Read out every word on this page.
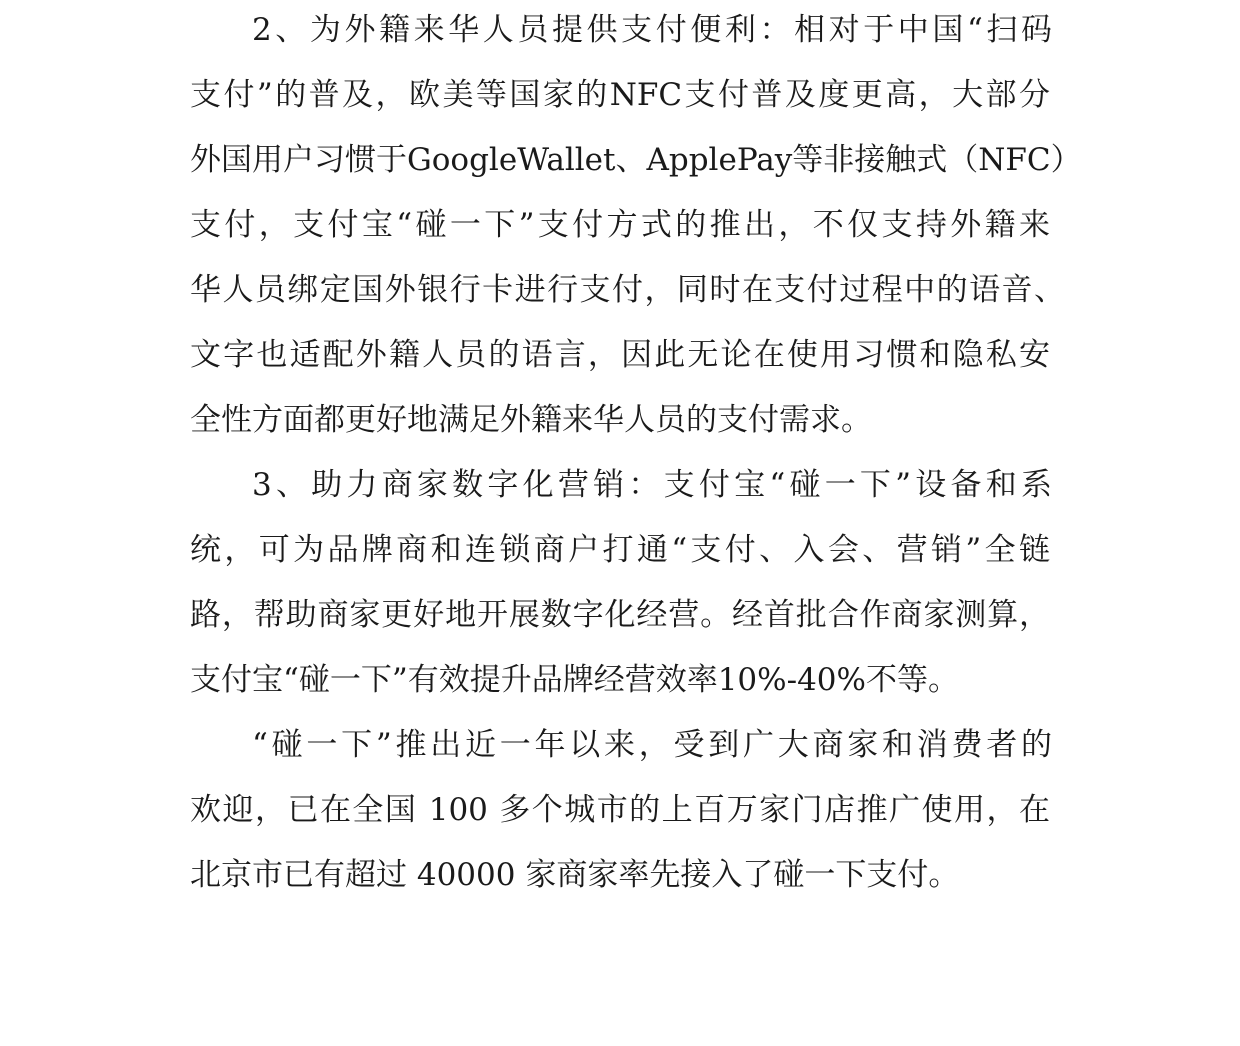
2、为外籍来华人员提供支付便利：相对于中国“扫码
支付”的普及，欧美等国家的NFC支付普及度更高，大部分
外国用户习惯于GoogleWallet、ApplePay等非接触式（NFC）
支付，支付宝“碰一下”支付方式的推出，不仅支持外籍来
华人员绑定国外银行卡进行支付，同时在支付过程中的语音、
文字也适配外籍人员的语言，因此无论在使用习惯和隐私安
全性方面都更好地满足外籍来华人员的支付需求。
3、助力商家数字化营销：支付宝“碰一下”设备和系
统，可为品牌商和连锁商户打通“支付、入会、营销”全链
路，帮助商家更好地开展数字化经营。经首批合作商家测算，
支付宝“碰一下”有效提升品牌经营效率10%-40%不等。
“碰一下”推出近一年以来，受到广大商家和消费者的
欢迎，已在全国 100 多个城市的上百万家门店推广使用，在
北京市已有超过 40000 家商家率先接入了碰一下支付。
